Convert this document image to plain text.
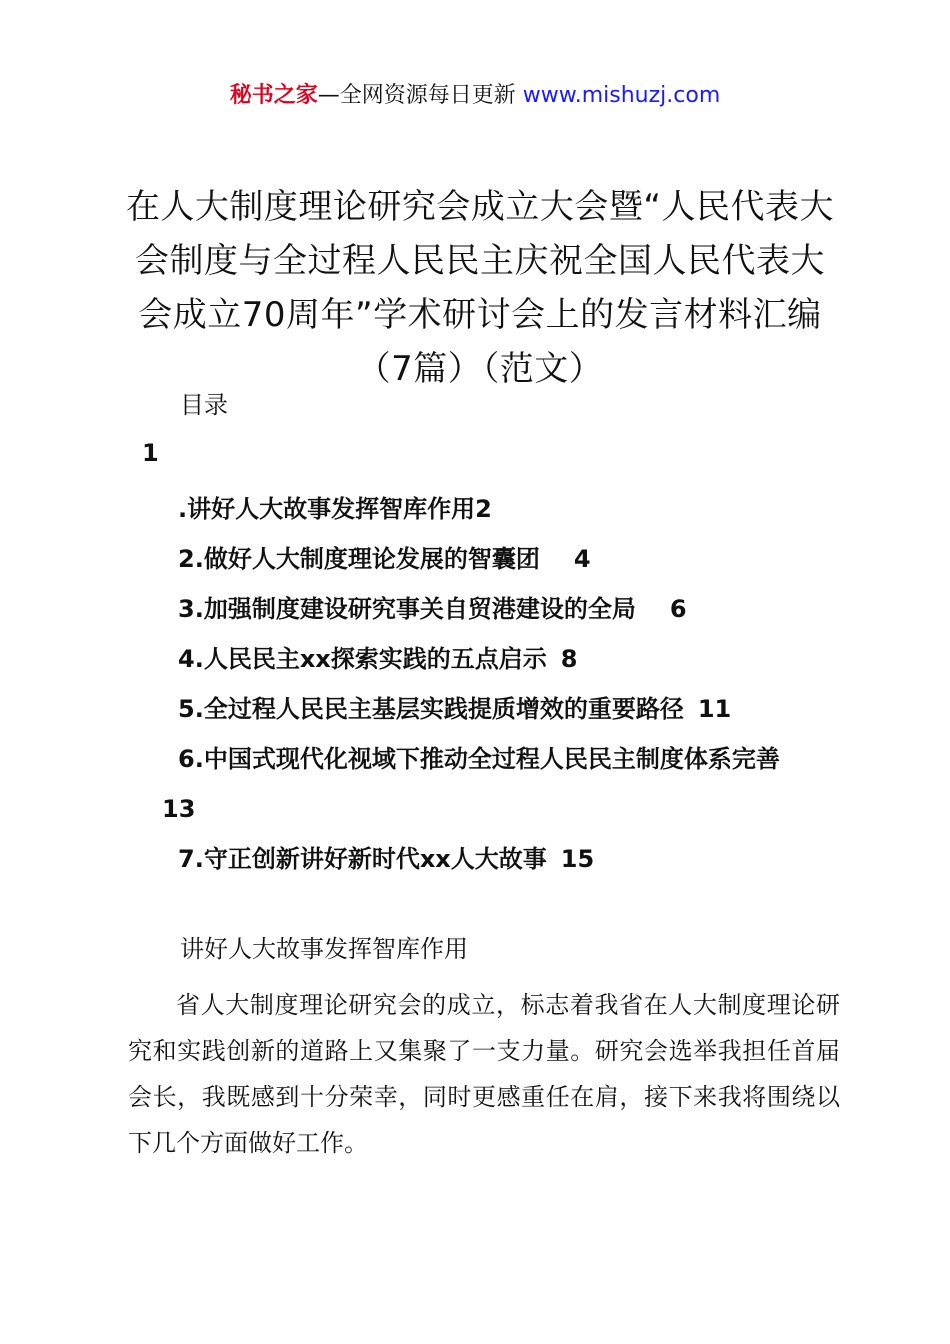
秘书之家—全网资源每日更新 www.mishuzj.com
在人大制度理论研究会成立大会暨“人民代表大会制度与全过程人民民主庆祝全国人民代表大会成立70周年”学术研讨会上的发言材料汇编（7篇）（范文）
目录
1
.讲好人大故事发挥智库作用2
2.做好人大制度理论发展的智囊团 4
3.加强制度建设研究事关自贸港建设的全局 6
4.人民民主xx探索实践的五点启示 8
5.全过程人民民主基层实践提质增效的重要路径 11
6.中国式现代化视域下推动全过程人民民主制度体系完善
13
7.守正创新讲好新时代xx人大故事 15
讲好人大故事发挥智库作用
省人大制度理论研究会的成立，标志着我省在人大制度理论研究和实践创新的道路上又集聚了一支力量。研究会选举我担任首届会长，我既感到十分荣幸，同时更感重任在肩，接下来我将围绕以下几个方面做好工作。
